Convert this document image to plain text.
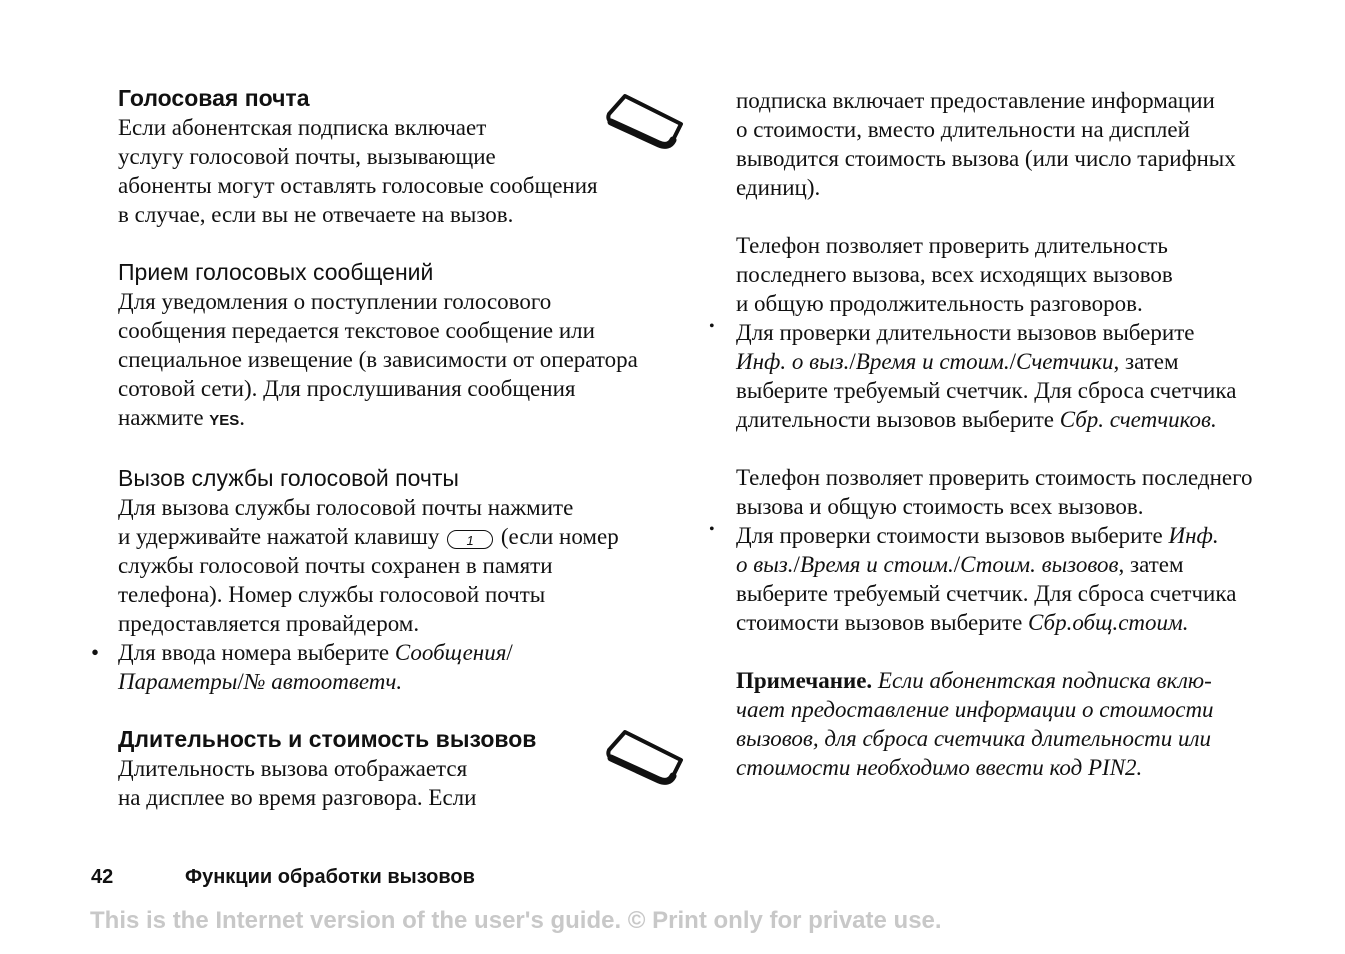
Голосовая почта

Если абонентская подписка включает

услугу голосовой почты, вызывающие

абоненты могут оставлять голосовые сообщения

в случае, если вы не отвечаете на вызов.

Прием голосовых сообщений

Для уведомления о поступлении голосового

сообщения передается текстовое сообщение или

специальное извещение (в зависимости от оператора

сотовой сети). Для прослушивания сообщения

нажмите YES.

Вызов службы голосовой почты

Для вызова службы голосовой почты нажмите

и удерживайте нажатой клавишу 1 (если номер

службы голосовой почты сохранен в памяти

телефона). Номер службы голосовой почты

предоставляется провайдером.

• Для ввода номера выберите Сообщения/
Параметры/№ автоответч.

Длительность и стоимость вызовов

Длительность вызова отображается

на дисплее во время разговора. Если

подписка включает предоставление информации

о стоимости, вместо длительности на дисплей

выводится стоимость вызова (или число тарифных

единиц).

Телефон позволяет проверить длительность

последнего вызова, всех исходящих вызовов

и общую продолжительность разговоров.

• Для проверки длительности вызовов выберите

Инф. о выз./Время и стоим./Счетчики, затем

выберите требуемый счетчик. Для сброса счетчика

длительности вызовов выберите Сбр. счетчиков.

Телефон позволяет проверить стоимость последнего

вызова и общую стоимость всех вызовов.

• Для проверки стоимости вызовов выберите Инф.

о выз./Время и стоим./Стоим. вызовов, затем

выберите требуемый счетчик. Для сброса счетчика

стоимости вызовов выберите Сбр.общ.стоим.

Примечание. Если абонентская подписка вклю-

чает предоставление информации о стоимости

вызовов, для сброса счетчика длительности или

стоимости необходимо ввести код PIN2.

42	Функции обработки вызовов
This is the Internet version of the user's guide. © Print only for private use.
